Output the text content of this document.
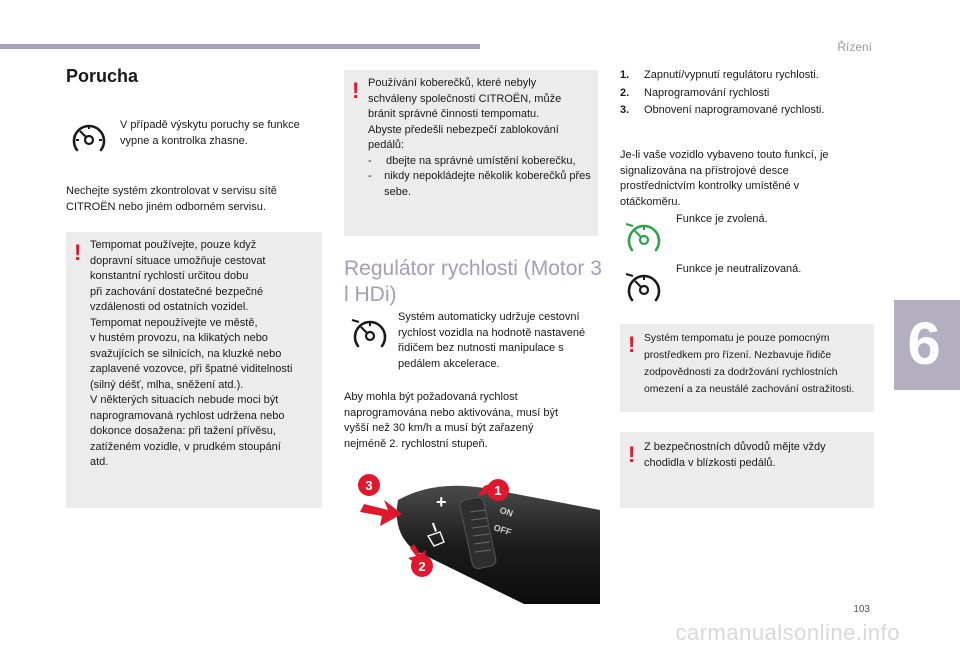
Řízení
6
103
carmanualsonline.info
Porucha
V případě výskytu poruchy se funkce vypne a kontrolka zhasne.
Nechejte systém zkontrolovat v servisu sítě CITROËN nebo jiném odborném servisu.
! Tempomat používejte, pouze když
dopravní situace umožňuje cestovat
konstantní rychlostí určitou dobu
při zachování dostatečné bezpečné
vzdálenosti od ostatních vozidel.
Tempomat nepoužívejte ve městě,
v hustém provozu, na klikatých nebo
svažujících se silnicích, na kluzké nebo
zaplavené vozovce, při špatné viditelnosti
(silný déšť, mlha, sněžení atd.).
V některých situacích nebude moci být
naprogramovaná rychlost udržena nebo
dokonce dosažena: při tažení přívěsu,
zatíženém vozidle, v prudkém stoupání
atd.
! Používání koberečků, které nebyly
schváleny společností CITROËN, může
bránit správné činnosti tempomatu.
Abyste předešli nebezpečí zablokování
pedálů:
-	dbejte na správné umístění koberečku,
-	nikdy nepokládejte několik koberečků přes sebe.
Regulátor rychlosti (Motor 3 l HDi)
Systém automaticky udržuje cestovní rychlost vozidla na hodnotě nastavené řidičem bez nutnosti manipulace s pedálem akcelerace.
Aby mohla být požadovaná rychlost naprogramována nebo aktivována, musí být vyšší než 30 km/h a musí být zařazený nejméně 2. rychlostní stupeň.
+
−
ON
OFF
3	1
2
1. Zapnutí/vypnutí regulátoru rychlosti.
2. Naprogramování rychlosti
3. Obnovení naprogramované rychlosti.
Je-li vaše vozidlo vybaveno touto funkcí, je signalizována na přístrojové desce prostřednictvím kontrolky umístěné v otáčkoměru.
Funkce je zvolená.
Funkce je neutralizovaná.
! Systém tempomatu je pouze pomocným
prostředkem pro řízení. Nezbavuje řidiče
zodpovědnosti za dodržování rychlostních
omezení a za neustálé zachování ostražitosti.
! Z bezpečnostních důvodů mějte vždy chodidla v blízkosti pedálů.
